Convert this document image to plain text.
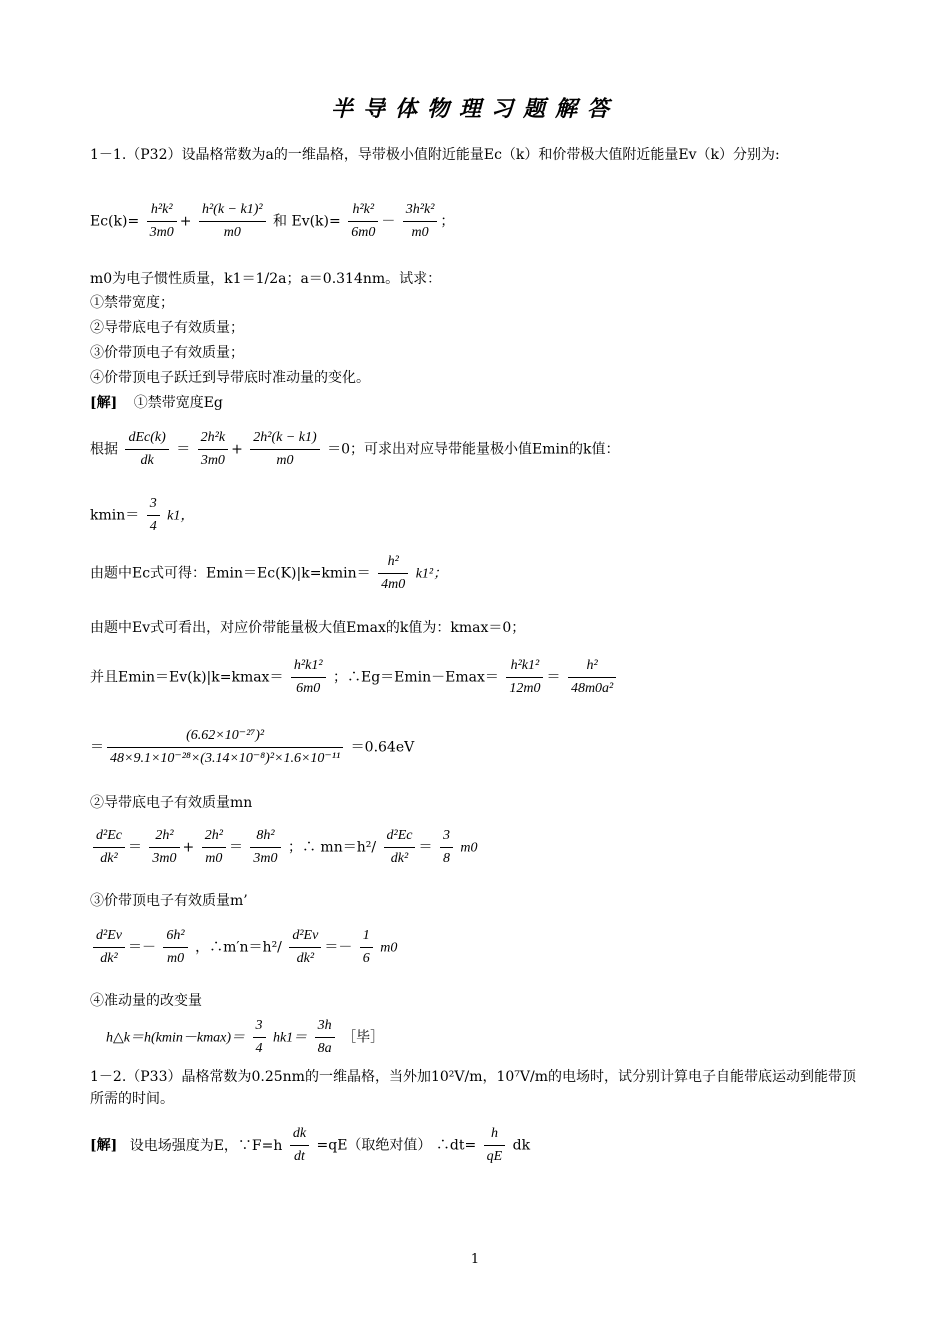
半导体物理习题解答
1－1.（P32）设晶格常数为a的一维晶格，导带极小值附近能量Ec（k）和价带极大值附近能量Ev（k）分别为:
$Ec(k)= \frac{\text{h²k²}}{3m0} + \frac{\text{h²(k − k1)²}}{m0}$ 和 $Ev(k)= \frac{\text{h²k²}}{6m0} - \frac{\text{3h²k²}}{m0}$ ；
m0为电子惯性质量，k1＝1/2a；a＝0.314nm。试求：
①禁带宽度；
②导带底电子有效质量；
③价带顶电子有效质量；
④价带顶电子跃迁到导带底时准动量的变化。
[解] ①禁带宽度Eg
根据 $\frac{\text{dEc(k)}}{dk} = \frac{\text{2h²k}}{3m0} + \frac{\text{2h²(k − k1)}}{m0} =0$；可求出对应导带能量极小值Emin的k值：
$kmin= \frac{3}{4} k1$，
由题中Ec式可得：$Emin=Ec(K)|k=kmin= \frac{\text{h²}}{4m0} k1^2$；
由题中Ev式可看出，对应价带能量极大值Emax的k值为：kmax＝0；
并且$Emin=Ev(k)|k=kmax= \frac{\text{h²k1²}}{6m0}$ ；∴Eg＝Emin－Emax＝ $\frac{\text{h²k1²}}{12m0} = \frac{\text{h²}}{\text{48m0a²}}$
＝ $\frac{\text{(6.62×10⁻²⁷)²}}{\text{48×9.1×10⁻²⁸×(3.14×10⁻⁸)²×1.6×10⁻¹¹}} =0.64eV$
②导带底电子有效质量mn
$\frac{\text{d²Ec}}{\text{dk²}} = \frac{\text{2h²}}{3m0} + \frac{\text{2h²}}{m0} = \frac{\text{8h²}}{3m0}$ ；∴ $mn=h^2/ \frac{\text{d²Ec}}{\text{dk²}} = \frac{3}{8} m0$
③价带顶电子有效质量m’
$\frac{\text{d²Ev}}{\text{dk²}} =- \frac{\text{6h²}}{m0}$ ，∴m′n＝h²/ $\frac{\text{d²Ev}}{\text{dk²}} =- \frac{1}{6} m0$
④准动量的改变量
h△k＝h(kmin－kmax)＝ $\frac{3}{4} hk1= \frac{3h}{8a}$ ［毕］
1－2.（P33）晶格常数为0.25nm的一维晶格，当外加10²V/m，10⁷V/m的电场时，试分别计算电子自能带底运动到能带顶所需的时间。
[解] 设电场强度为E，∵F=h $\frac{dk}{dt} =qE$（取绝对值） ∴dt= $\frac{h}{qE}$ dk
1
